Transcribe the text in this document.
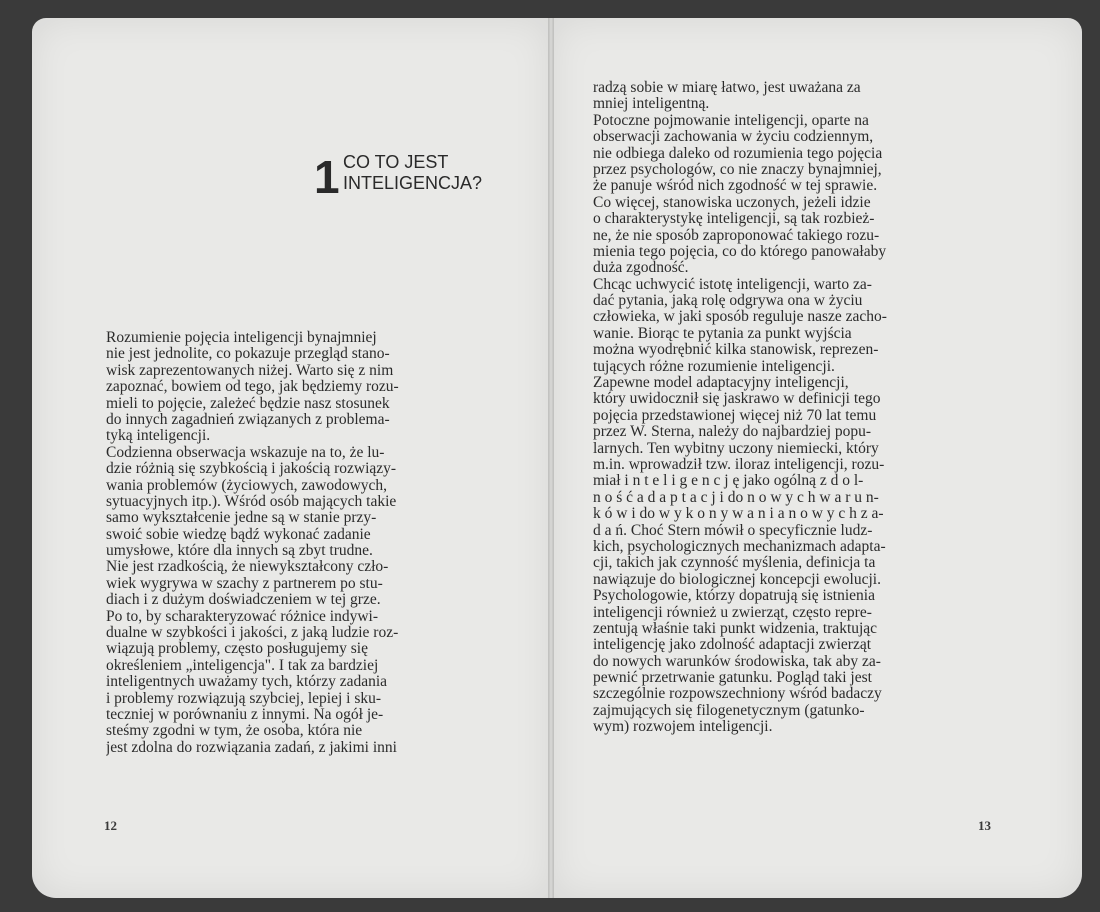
1 CO TO JEST
INTELIGENCJA?
Rozumienie pojęcia inteligencji bynajmniej
nie jest jednolite, co pokazuje przegląd stano-
wisk zaprezentowanych niżej. Warto się z nim
zapoznać, bowiem od tego, jak będziemy rozu-
mieli to pojęcie, zależeć będzie nasz stosunek
do innych zagadnień związanych z problema-
tyką inteligencji.
Codzienna obserwacja wskazuje na to, że lu-
dzie różnią się szybkością i jakością rozwiązy-
wania problemów (życiowych, zawodowych,
sytuacyjnych itp.). Wśród osób mających takie
samo wykształcenie jedne są w stanie przy-
swoić sobie wiedzę bądź wykonać zadanie
umysłowe, które dla innych są zbyt trudne.
Nie jest rzadkością, że niewykształcony czło-
wiek wygrywa w szachy z partnerem po stu-
diach i z dużym doświadczeniem w tej grze.
Po to, by scharakteryzować różnice indywi-
dualne w szybkości i jakości, z jaką ludzie roz-
wiązują problemy, często posługujemy się
określeniem „inteligencja". I tak za bardziej
inteligentnych uważamy tych, którzy zadania
i problemy rozwiązują szybciej, lepiej i sku-
teczniej w porównaniu z innymi. Na ogół je-
steśmy zgodni w tym, że osoba, która nie
jest zdolna do rozwiązania zadań, z jakimi inni
radzą sobie w miarę łatwo, jest uważana za
mniej inteligentną.
Potoczne pojmowanie inteligencji, oparte na
obserwacji zachowania w życiu codziennym,
nie odbiega daleko od rozumienia tego pojęcia
przez psychologów, co nie znaczy bynajmniej,
że panuje wśród nich zgodność w tej sprawie.
Co więcej, stanowiska uczonych, jeżeli idzie
o charakterystykę inteligencji, są tak rozbież-
ne, że nie sposób zaproponować takiego rozu-
mienia tego pojęcia, co do którego panowałaby
duża zgodność.
Chcąc uchwycić istotę inteligencji, warto za-
dać pytania, jaką rolę odgrywa ona w życiu
człowieka, w jaki sposób reguluje nasze zacho-
wanie. Biorąc te pytania za punkt wyjścia
można wyodrębnić kilka stanowisk, reprezen-
tujących różne rozumienie inteligencji.
Zapewne model adaptacyjny inteligencji,
który uwidocznił się jaskrawo w definicji tego
pojęcia przedstawionej więcej niż 70 lat temu
przez W. Sterna, należy do najbardziej popu-
larnych. Ten wybitny uczony niemiecki, który
m.in. wprowadził tzw. iloraz inteligencji, rozu-
miał i n t e l i g e n c j ę jako ogólną z d o l-
n o ś ć a d a p t a c j i do n o w y c h w a r u n-
k ó w i do w y k o n y w a n i a n o w y c h z a-
d a ń. Choć Stern mówił o specyficznie ludz-
kich, psychologicznych mechanizmach adapta-
cji, takich jak czynność myślenia, definicja ta
nawiązuje do biologicznej koncepcji ewolucji.
Psychologowie, którzy dopatrują się istnienia
inteligencji również u zwierząt, często repre-
zentują właśnie taki punkt widzenia, traktując
inteligencję jako zdolność adaptacji zwierząt
do nowych warunków środowiska, tak aby za-
pewnić przetrwanie gatunku. Pogląd taki jest
szczególnie rozpowszechniony wśród badaczy
zajmujących się filogenetycznym (gatunko-
wym) rozwojem inteligencji.
12	13
